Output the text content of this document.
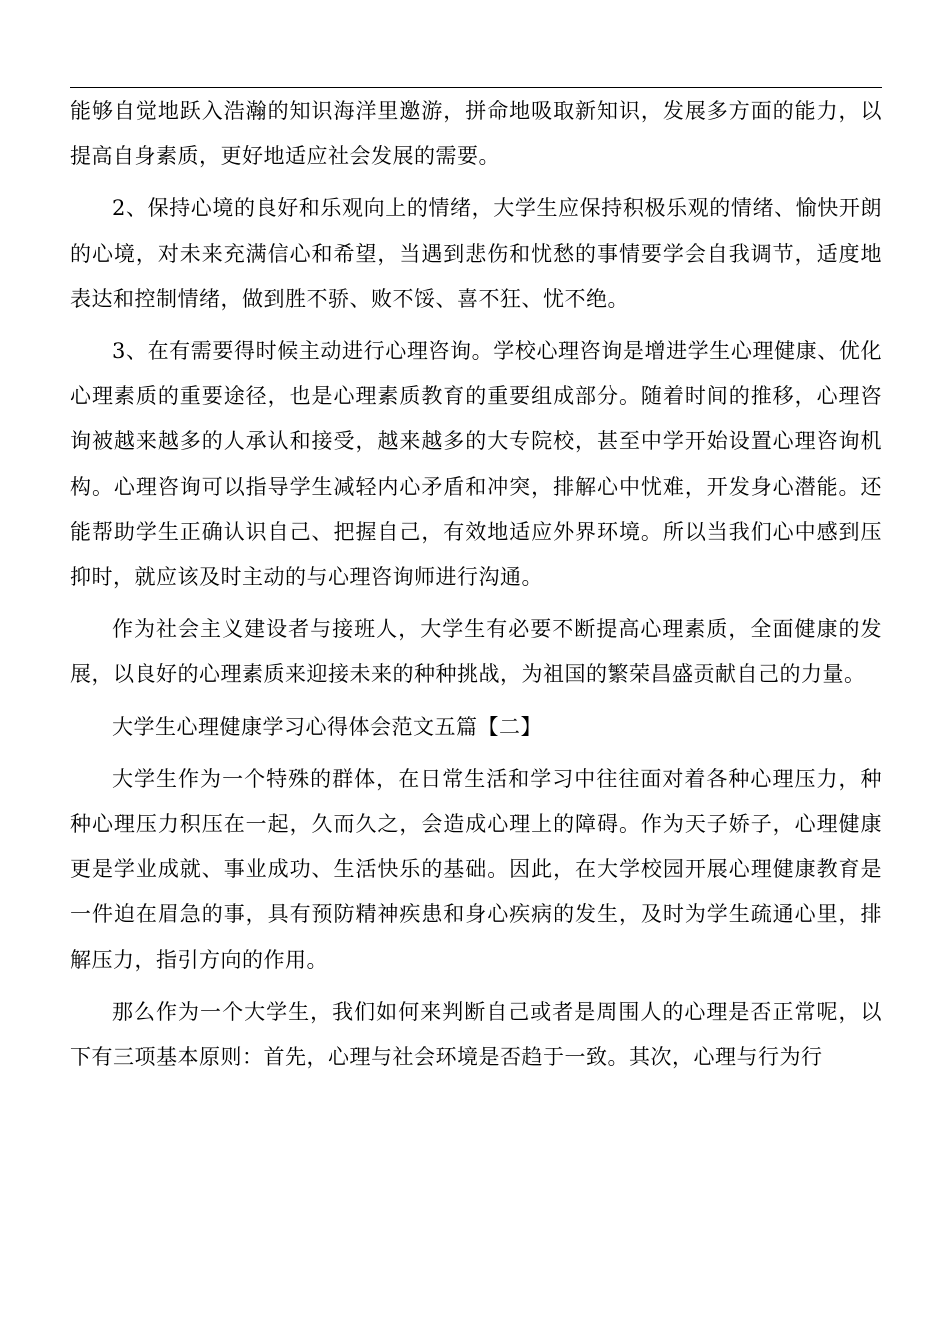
能够自觉地跃入浩瀚的知识海洋里邀游，拼命地吸取新知识，发展多方面的能力，以提高自身素质，更好地适应社会发展的需要。

2、保持心境的良好和乐观向上的情绪，大学生应保持积极乐观的情绪、愉快开朗的心境，对未来充满信心和希望，当遇到悲伤和忧愁的事情要学会自我调节，适度地表达和控制情绪，做到胜不骄、败不馁、喜不狂、忧不绝。

3、在有需要得时候主动进行心理咨询。学校心理咨询是增进学生心理健康、优化心理素质的重要途径，也是心理素质教育的重要组成部分。随着时间的推移，心理咨询被越来越多的人承认和接受，越来越多的大专院校，甚至中学开始设置心理咨询机构。心理咨询可以指导学生减轻内心矛盾和冲突，排解心中忧难，开发身心潜能。还能帮助学生正确认识自己、把握自己，有效地适应外界环境。所以当我们心中感到压抑时，就应该及时主动的与心理咨询师进行沟通。

作为社会主义建设者与接班人，大学生有必要不断提高心理素质，全面健康的发展，以良好的心理素质来迎接未来的种种挑战，为祖国的繁荣昌盛贡献自己的力量。

大学生心理健康学习心得体会范文五篇【二】

大学生作为一个特殊的群体，在日常生活和学习中往往面对着各种心理压力，种种心理压力积压在一起，久而久之，会造成心理上的障碍。作为天子娇子，心理健康更是学业成就、事业成功、生活快乐的基础。因此，在大学校园开展心理健康教育是一件迫在眉急的事，具有预防精神疾患和身心疾病的发生，及时为学生疏通心里，排解压力，指引方向的作用。

那么作为一个大学生，我们如何来判断自己或者是周围人的心理是否正常呢，以下有三项基本原则：首先，心理与社会环境是否趋于一致。其次，心理与行为行
